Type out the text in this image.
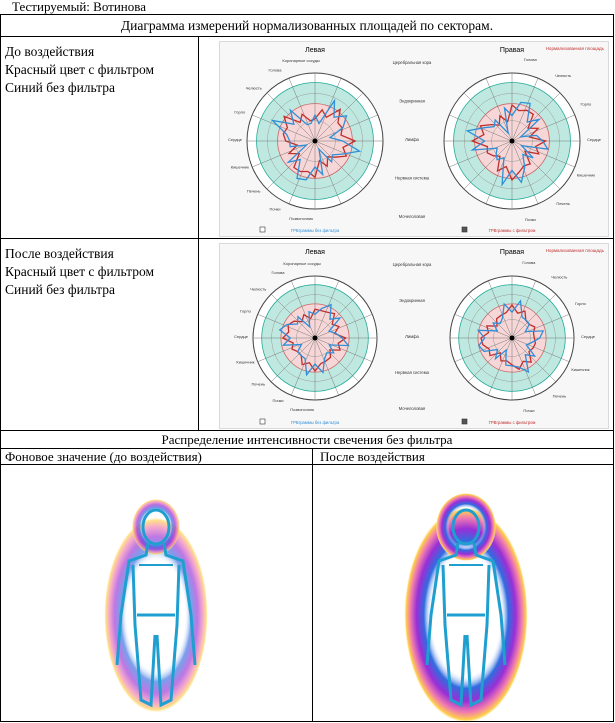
Тестируемый: Вотинова
Диаграмма измерений нормализованных площадей по секторам.
До воздействия
Красный цвет с фильтром
Синий без фильтра
Левая	Правая	Нормализованная площадь
Церебральная кора
Эндокринная
Лимфа
Нервная система
Мочеполовая
Позвоночник
Почки
Печень
Кишечник
Сердце
Горло
Челюсть
Голова
Коронарные сосуды	Голова
Челюсть
Горло
Сердце
Кишечник
Печень
Почки
ГРВграммы без фильтра	ГРВграммы с фильтром
После воздействия
Красный цвет с фильтром
Синий без фильтра
Левая	Правая	Нормализованная площадь
Церебральная кора
Эндокринная
Лимфа
Нервная система
Мочеполовая
Позвоночник
Почки
Печень
Кишечник
Сердце
Горло
Челюсть
Голова
Коронарные сосуды	Голова
Челюсть
Горло
Сердце
Кишечник
Печень
Почки
ГРВграммы без фильтра	ГРВграммы с фильтром
Распределение интенсивности свечения без фильтра
Фоновое значение (до воздействия)	После воздействия
